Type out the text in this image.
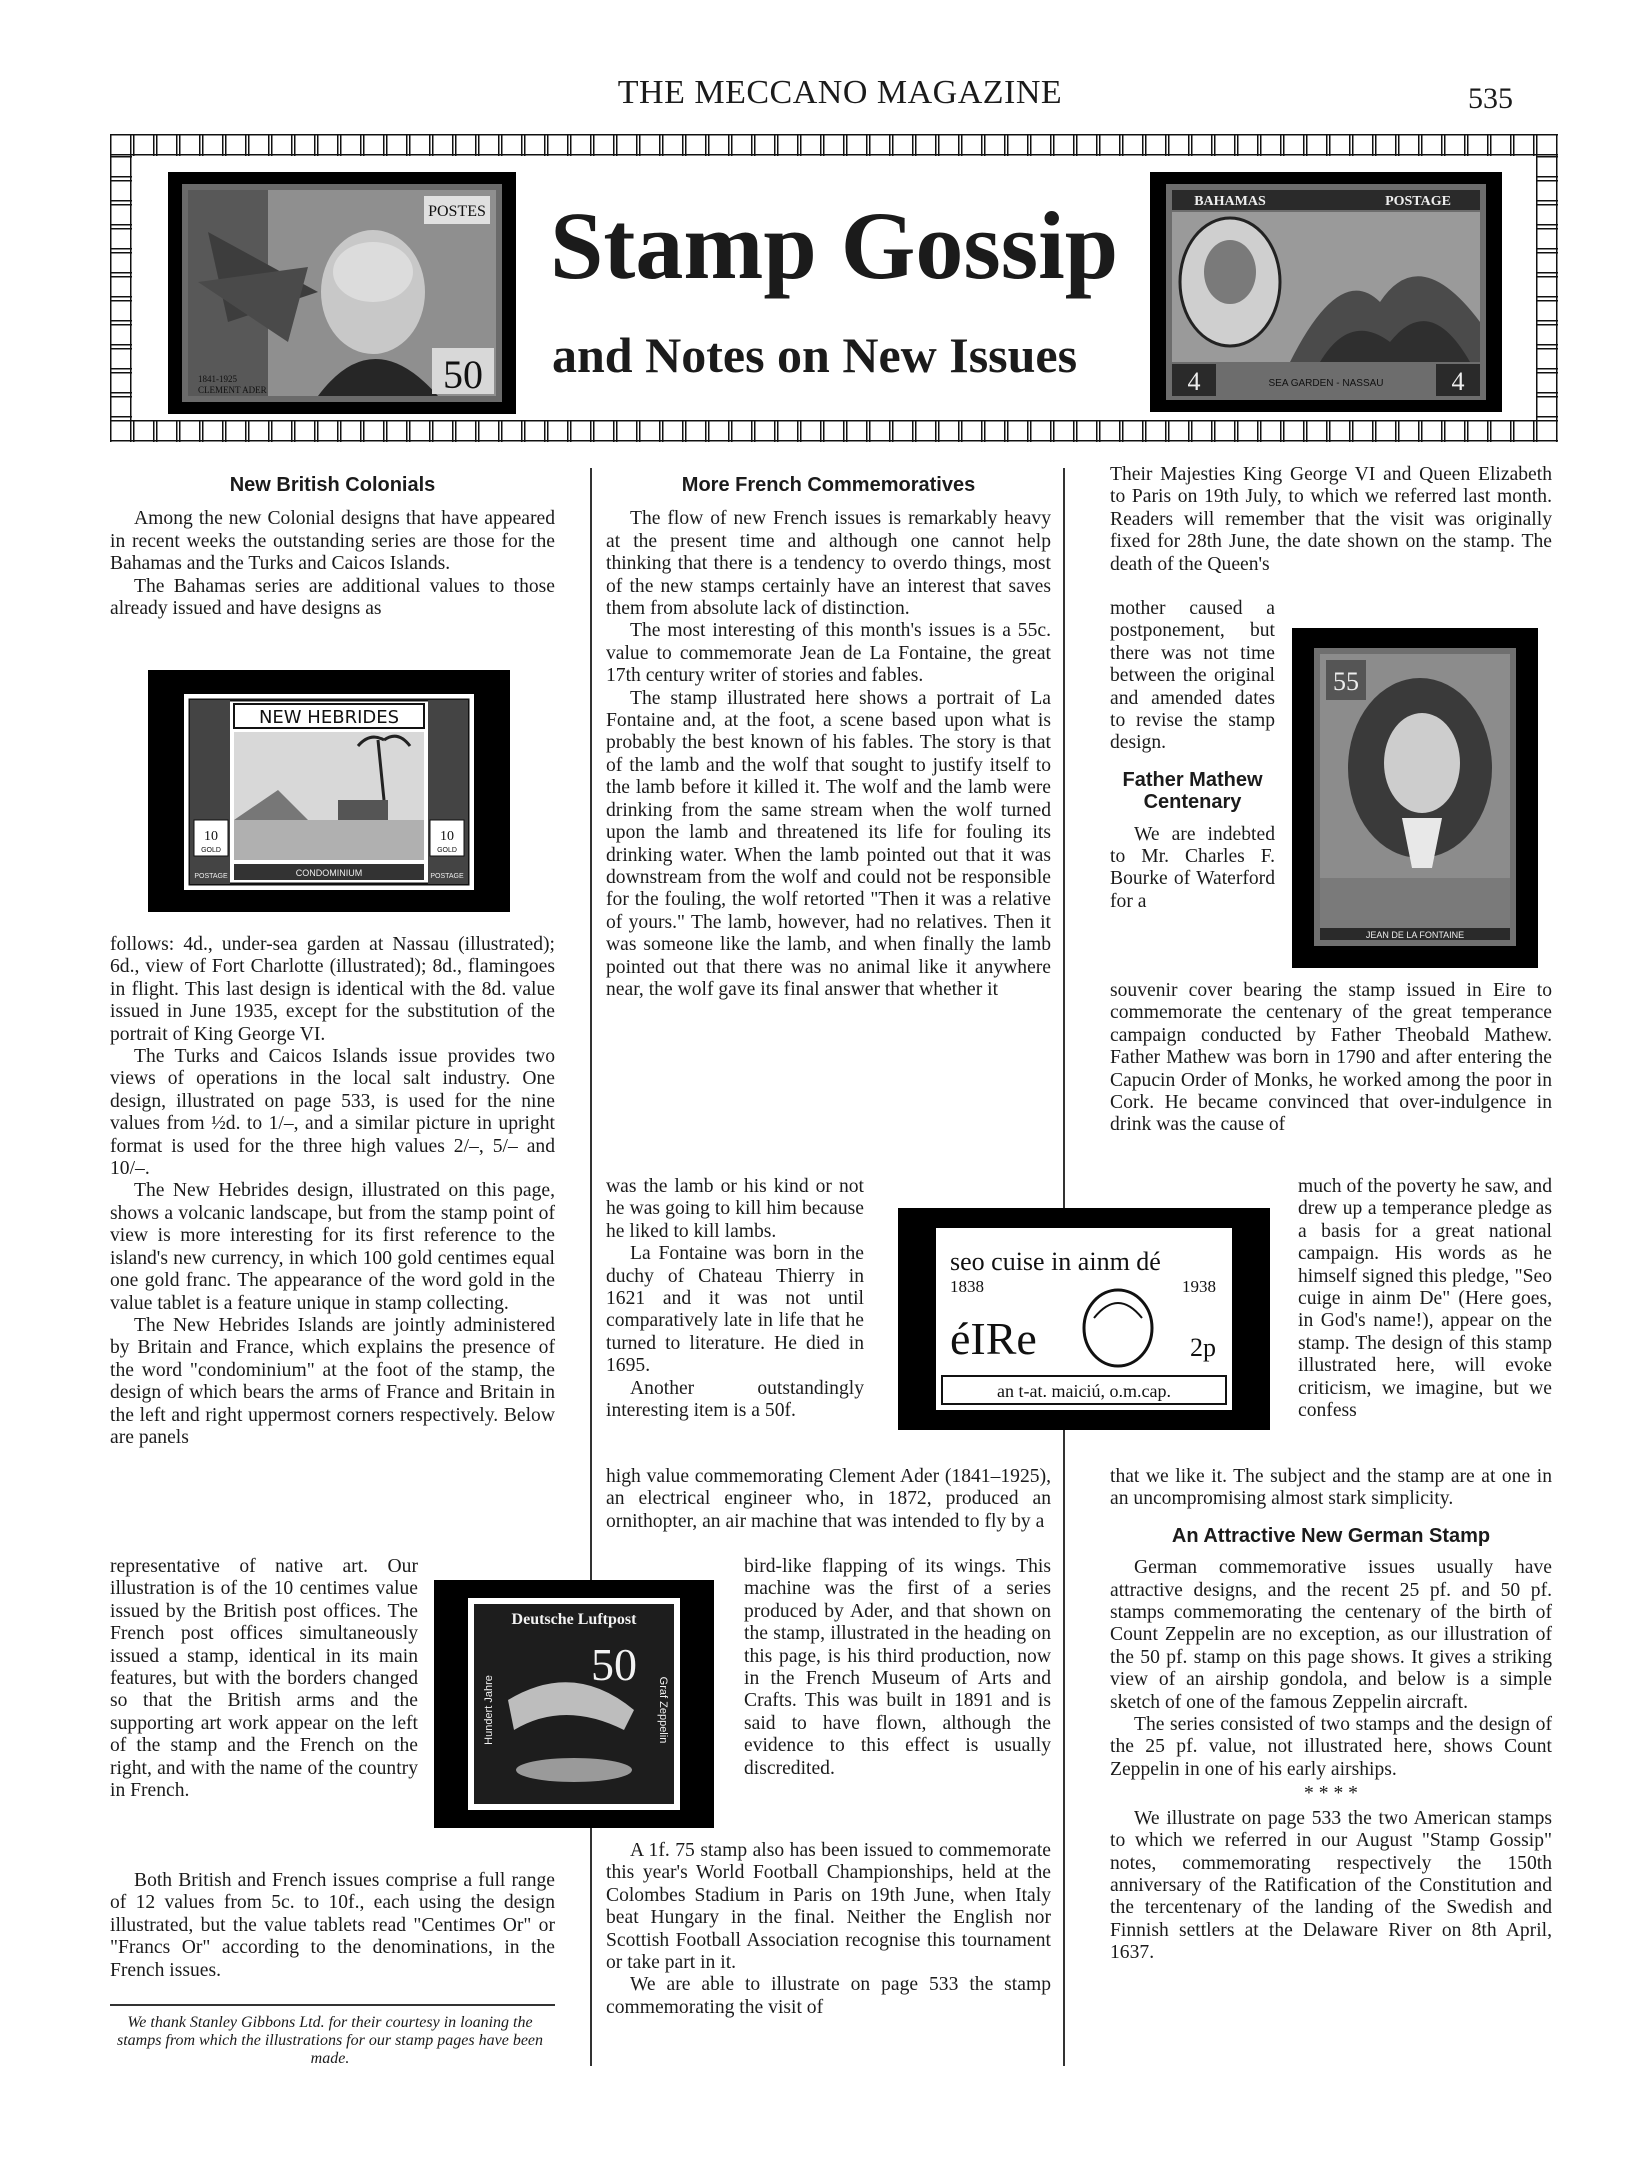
THE MECCANO MAGAZINE	535
POSTES
50
1841-1925
CLEMENT ADER
Stamp Gossip
and Notes on New Issues
BAHAMAS	POSTAGE
4	4
SEA GARDEN - NASSAU
New British Colonials

Among the new Colonial designs that have appeared in recent weeks the outstanding series are those for the Bahamas and the Turks and Caicos Islands.

The Bahamas series are additional values to those already issued and have designs as

NEW HEBRIDES
10
GOLD
10
GOLD
CONDOMINIUM
POSTAGE	POSTAGE

follows: 4d., under-sea garden at Nassau (illustrated); 6d., view of Fort Charlotte (illustrated); 8d., flamingoes in flight. This last design is identical with the 8d. value issued in June 1935, except for the substitution of the portrait of King George VI.

The Turks and Caicos Islands issue provides two views of operations in the local salt industry. One design, illustrated on page 533, is used for the nine values from ½d. to 1/–, and a similar picture in upright format is used for the three high values 2/–, 5/– and 10/–.

The New Hebrides design, illustrated on this page, shows a volcanic landscape, but from the stamp point of view is more interesting for its first reference to the island's new currency, in which 100 gold centimes equal one gold franc. The appearance of the word gold in the value tablet is a feature unique in stamp collecting.

The New Hebrides Islands are jointly administered by Britain and France, which explains the presence of the word "condominium" at the foot of the stamp, the design of which bears the arms of France and Britain in the left and right uppermost corners respectively. Below are panels

representative of native art. Our illustration is of the 10 centimes value issued by the British post offices. The French post offices simultaneously issued a stamp, identical in its main features, but with the borders changed so that the British arms and the supporting art work appear on the left of the stamp and the French on the right, and with the name of the country in French.

Deutsche Luftpost
Hundert Jahre	Graf Zeppelin
50

Both British and French issues comprise a full range of 12 values from 5c. to 10f., each using the design illustrated, but the value tablets read "Centimes Or" or "Francs Or" according to the denominations, in the French issues.

We thank Stanley Gibbons Ltd. for their courtesy in loaning the stamps from which the illustrations for our stamp pages have been made.
More French Commemoratives

The flow of new French issues is remarkably heavy at the present time and although one cannot help thinking that there is a tendency to overdo things, most of the new stamps certainly have an interest that saves them from absolute lack of distinction.

The most interesting of this month's issues is a 55c. value to commemorate Jean de La Fontaine, the great 17th century writer of stories and fables.

The stamp illustrated here shows a portrait of La Fontaine and, at the foot, a scene based upon what is probably the best known of his fables. The story is that of the lamb and the wolf that sought to justify itself to the lamb before it killed it. The wolf and the lamb were drinking from the same stream when the wolf turned upon the lamb and threatened its life for fouling its drinking water. When the lamb pointed out that it was downstream from the wolf and could not be responsible for the fouling, the wolf retorted "Then it was a relative of yours." The lamb, however, had no relatives. Then it was someone like the lamb, and when finally the lamb pointed out that there was no animal like it anywhere near, the wolf gave its final answer that whether it

was the lamb or his kind or not he was going to kill him because he liked to kill lambs.

La Fontaine was born in the duchy of Chateau Thierry in 1621 and it was not until comparatively late in life that he turned to literature. He died in 1695.

Another outstandingly interesting item is a 50f.

seo cuise in ainm dé
1838	1938
éIRe	2p
an t-at. maiciú, o.m.cap.

high value commemorating Clement Ader (1841–1925), an electrical engineer who, in 1872, produced an ornithopter, an air machine that was intended to fly by a

bird-like flapping of its wings. This machine was the first of a series produced by Ader, and that shown on the stamp, illustrated in the heading on this page, is his third production, now in the French Museum of Arts and Crafts. This was built in 1891 and is said to have flown, although the evidence to this effect is usually discredited.

A 1f. 75 stamp also has been issued to commemorate this year's World Football Championships, held at the Colombes Stadium in Paris on 19th June, when Italy beat Hungary in the final. Neither the English nor Scottish Football Association recognise this tournament or take part in it.

We are able to illustrate on page 533 the stamp commemorating the visit of

Their Majesties King George VI and Queen Elizabeth to Paris on 19th July, to which we referred last month. Readers will remember that the visit was originally fixed for 28th June, the date shown on the stamp. The death of the Queen's

mother caused a postponement, but there was not time between the original and amended dates to revise the stamp design.

Father Mathew Centenary

We are indebted to Mr. Charles F. Bourke of Waterford for a

55
JEAN DE LA FONTAINE

souvenir cover bearing the stamp issued in Eire to commemorate the centenary of the great temperance campaign conducted by Father Theobald Mathew. Father Mathew was born in 1790 and after entering the Capucin Order of Monks, he worked among the poor in Cork. He became convinced that over-indulgence in drink was the cause of

much of the poverty he saw, and drew up a temperance pledge as a basis for a great national campaign. His words as he himself signed this pledge, "Seo cuige in ainm De" (Here goes, in God's name!), appear on the stamp. The design of this stamp illustrated here, will evoke criticism, we imagine, but we confess

that we like it. The subject and the stamp are at one in an uncompromising almost stark simplicity.

An Attractive New German Stamp

German commemorative issues usually have attractive designs, and the recent 25 pf. and 50 pf. stamps commemorating the centenary of the birth of Count Zeppelin are no exception, as our illustration of the 50 pf. stamp on this page shows. It gives a striking view of an airship gondola, and below is a simple sketch of one of the famous Zeppelin aircraft.

The series consisted of two stamps and the design of the 25 pf. value, not illustrated here, shows Count Zeppelin in one of his early airships.

* * * *

We illustrate on page 533 the two American stamps to which we referred in our August "Stamp Gossip" notes, commemorating respectively the 150th anniversary of the Ratification of the Constitution and the tercentenary of the landing of the Swedish and Finnish settlers at the Delaware River on 8th April, 1637.
